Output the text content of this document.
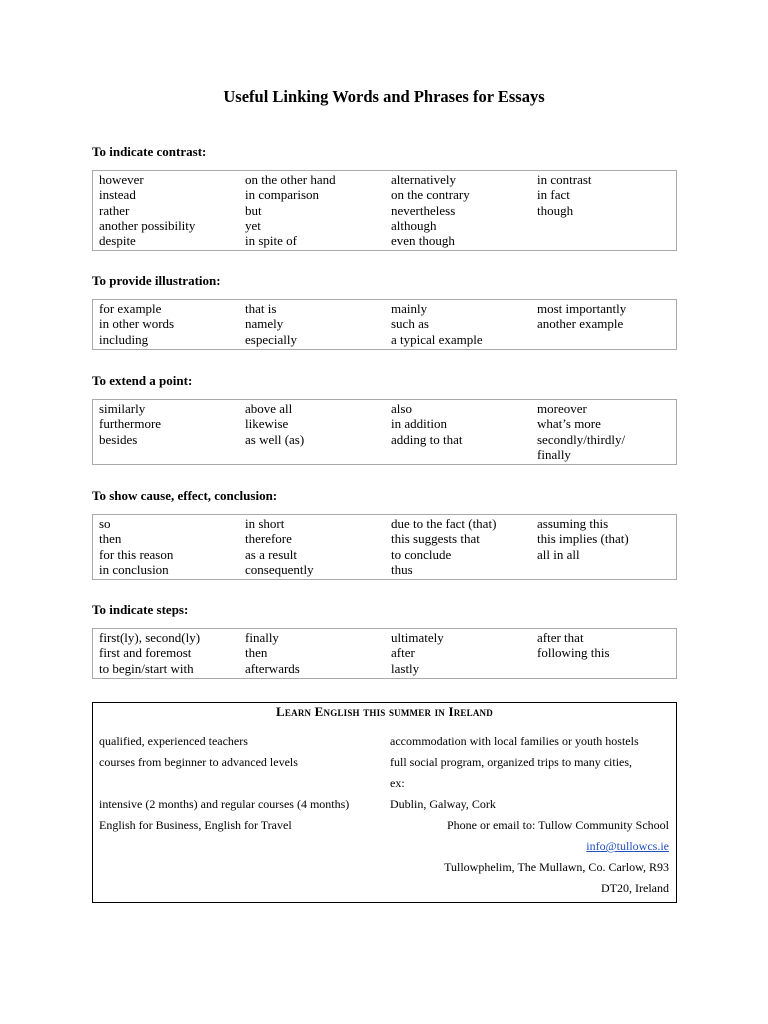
Useful Linking Words and Phrases for Essays
To indicate contrast:
however	on the other hand	alternatively	in contrast
instead	in comparison	on the contrary	in fact
rather	but	nevertheless	though
another possibility	yet	although
despite	in spite of	even though
To provide illustration:
for example	that is	mainly	most importantly
in other words	namely	such as	another example
including	especially	a typical example
To extend a point:
similarly	above all	also	moreover
furthermore	likewise	in addition	what’s more
besides	as well (as)	adding to that	secondly/thirdly/
finally
To show cause, effect, conclusion:
so	in short	due to the fact (that)	assuming this
then	therefore	this suggests that	this implies (that)
for this reason	as a result	to conclude	all in all
in conclusion	consequently	thus
To indicate steps:
first(ly), second(ly)	finally	ultimately	after that
first and foremost	then	after	following this
to begin/start with	afterwards	lastly
Learn English this summer in Ireland
qualified, experienced teachers
courses from beginner to advanced levels
intensive (2 months) and regular courses (4 months)
English for Business, English for Travel
accommodation with local families or youth hostels
full social program, organized trips to many cities,
ex:
Dublin, Galway, Cork
Phone or email to: Tullow Community School
info@tullowcs.ie
Tullowphelim, The Mullawn, Co. Carlow, R93
DT20, Ireland
